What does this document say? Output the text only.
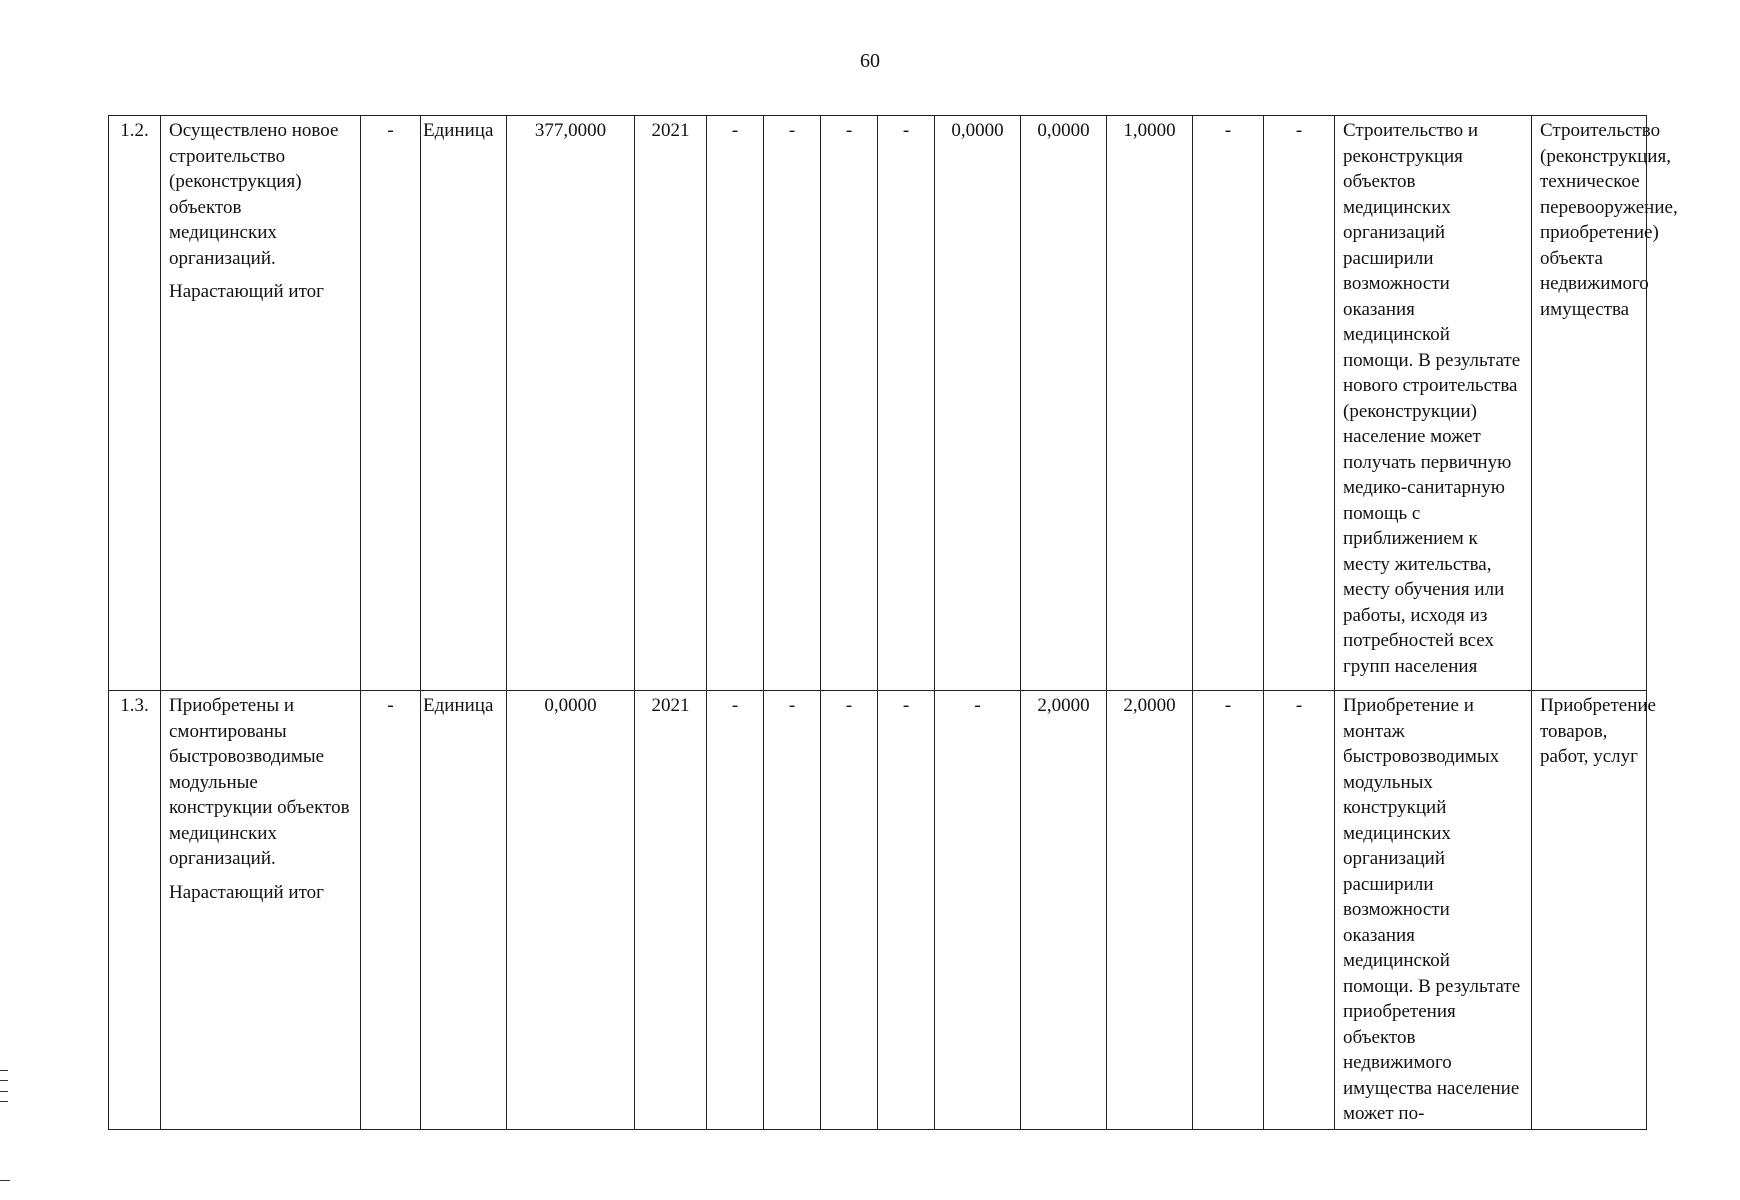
60
1.2.	Осуществлено новое строительство (реконструкция) объектов медицинских организаций.
Нарастающий итог	-	Единица	377,0000	2021	-	-	-	-	0,0000	0,0000	1,0000	-	-	Строительство и реконструкция объектов медицинских организаций расширили возможности оказания медицинской помощи. В результате нового строительства (реконструкции) население может получать первичную медико-санитарную помощь с приближением к месту жительства, месту обучения или работы, исходя из потребностей всех групп населения	Строительство (реконструкция, техническое перевооружение, приобретение) объекта недвижимого имущества
1.3.	Приобретены и смонтированы быстровозводимые модульные конструкции объектов медицинских организаций.
Нарастающий итог	-	Единица	0,0000	2021	-	-	-	-	-	2,0000	2,0000	-	-	Приобретение и монтаж быстровозводимых модульных конструкций медицинских организаций расширили возможности оказания медицинской помощи. В результате приобретения объектов недвижимого имущества население может по-	Приобретение товаров, работ, услуг
